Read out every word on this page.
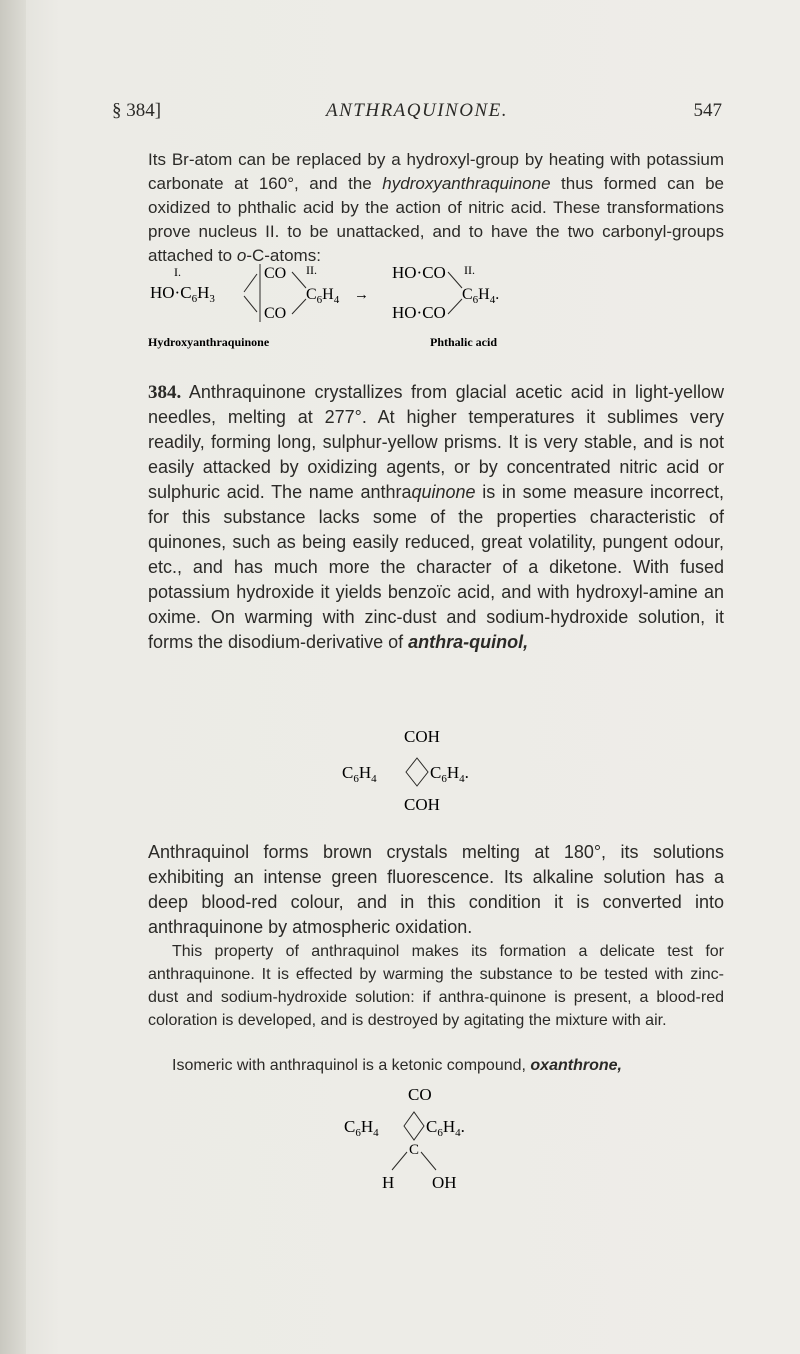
§ 384]	ANTHRAQUINONE.	547

Its Br-atom can be replaced by a hydroxyl-group by heating with potassium carbonate at 160°, and the hydroxyanthraquinone thus formed can be oxidized to phthalic acid by the action of nitric acid. These transformations prove nucleus II. to be unattacked, and to have the two carbonyl-groups attached to o-C-atoms:

I.
$HO\cdot C_6H_3$
CO
CO
II.
$C_6H_4$ →
HO·CO
HO·CO
II.
$C_6H_4$.
Hydroxyanthraquinone	Phthalic acid

384. Anthraquinone crystallizes from glacial acetic acid in light-yellow needles, melting at 277°. At higher temperatures it sublimes very readily, forming long, sulphur-yellow prisms. It is very stable, and is not easily attacked by oxidizing agents, or by concentrated nitric acid or sulphuric acid. The name anthraquinone is in some measure incorrect, for this substance lacks some of the properties characteristic of quinones, such as being easily reduced, great volatility, pungent odour, etc., and has much more the character of a diketone. With fused potassium hydroxide it yields benzoïc acid, and with hydroxyl-amine an oxime. On warming with zinc-dust and sodium-hydroxide solution, it forms the disodium-derivative of anthra-quinol,

COH
$C_6H_4$	$C_6H_4$.
COH

Anthraquinol forms brown crystals melting at 180°, its solutions exhibiting an intense green fluorescence. Its alkaline solution has a deep blood-red colour, and in this condition it is converted into anthraquinone by atmospheric oxidation.

This property of anthraquinol makes its formation a delicate test for anthraquinone. It is effected by warming the substance to be tested with zinc-dust and sodium-hydroxide solution: if anthra-quinone is present, a blood-red coloration is developed, and is destroyed by agitating the mixture with air.

Isomeric with anthraquinol is a ketonic compound, oxanthrone,

CO
$C_6H_4$	$C_6H_4$.
C
H OH
